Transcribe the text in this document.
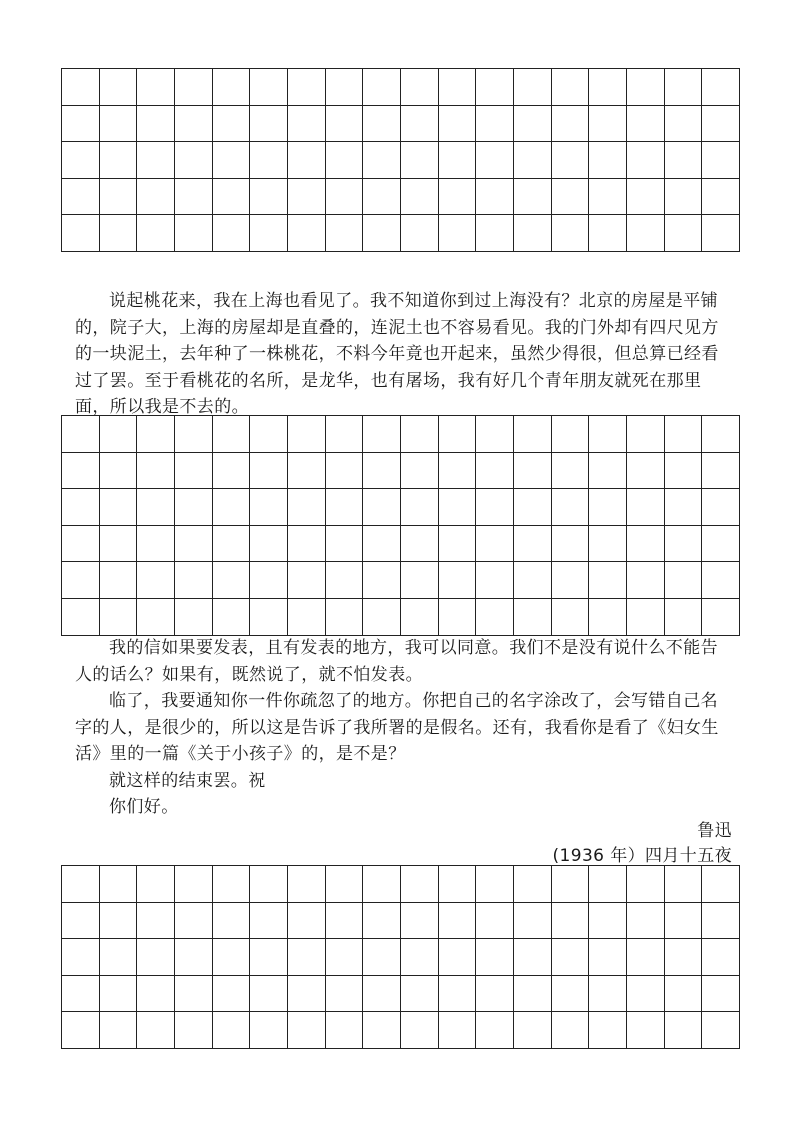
说起桃花来，我在上海也看见了。我不知道你到过上海没有？北京的房屋是平铺的，院子大，上海的房屋却是直叠的，连泥土也不容易看见。我的门外却有四尺见方的一块泥土，去年种了一株桃花，不料今年竟也开起来，虽然少得很，但总算已经看过了罢。至于看桃花的名所，是龙华，也有屠场，我有好几个青年朋友就死在那里面，所以我是不去的。

我的信如果要发表，且有发表的地方，我可以同意。我们不是没有说什么不能告人的话么？如果有，既然说了，就不怕发表。

临了，我要通知你一件你疏忽了的地方。你把自己的名字涂改了，会写错自己名字的人，是很少的，所以这是告诉了我所署的是假名。还有，我看你是看了《妇女生活》里的一篇《关于小孩子》的，是不是？

就这样的结束罢。祝

你们好。

鲁迅
(1936 年）四月十五夜
